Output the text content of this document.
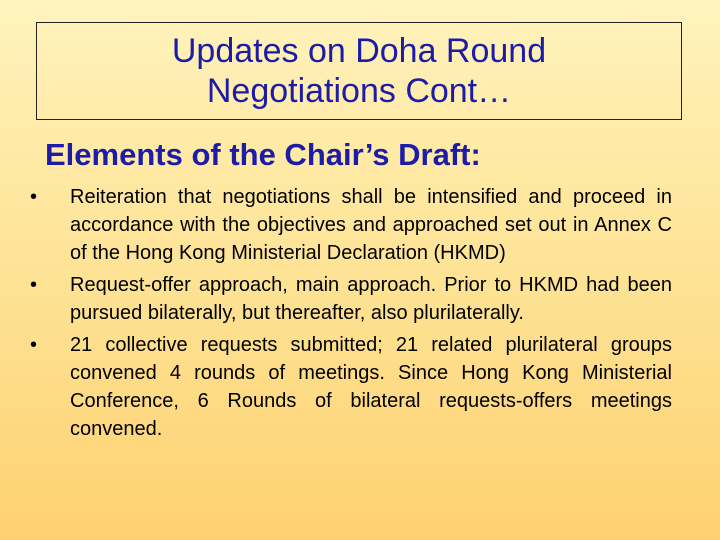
Updates on Doha Round
Negotiations Cont…
Elements of the Chair’s Draft:
• Reiteration that negotiations shall be intensified and proceed in accordance with the objectives and approached set out in Annex C of the Hong Kong Ministerial Declaration (HKMD)
• Request-offer approach, main approach. Prior to HKMD had been pursued bilaterally, but thereafter, also plurilaterally.
• 21 collective requests submitted; 21 related plurilateral groups convened 4 rounds of meetings. Since Hong Kong Ministerial Conference, 6 Rounds of bilateral requests-offers meetings convened.
